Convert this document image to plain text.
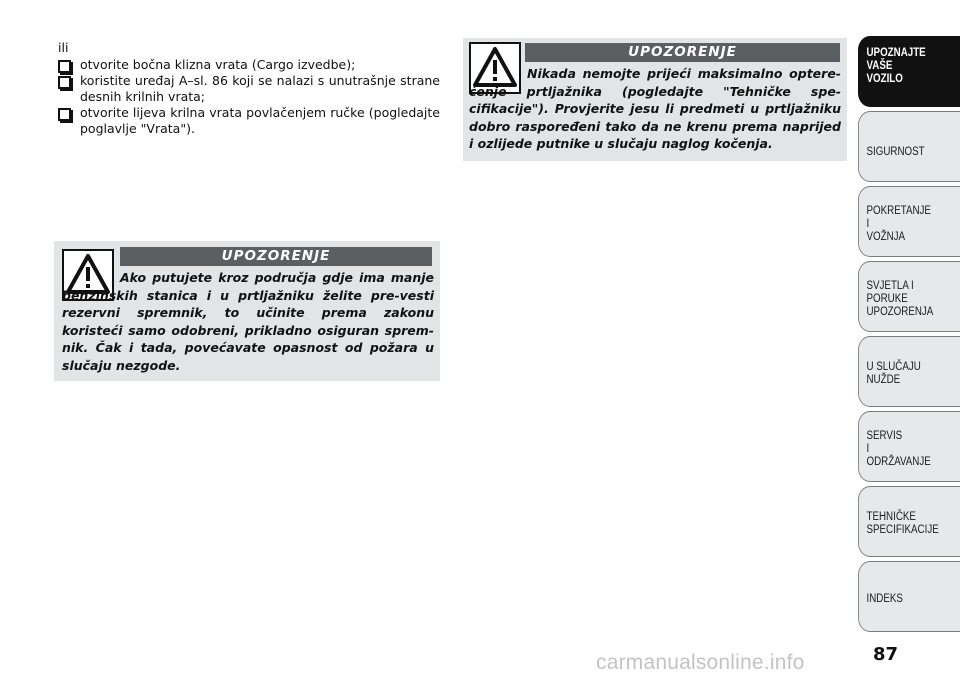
ili

otvorite bočna klizna vrata (Cargo izvedbe);
koristite uređaj A–sl. 86 koji se nalazi s unutrašnje strane desnih krilnih vrata;
otvorite lijeva krilna vrata povlačenjem ručke (pogledajte poglavlje "Vrata").
UPOZORENJE

Ako putujete kroz područja gdje ima manje benzinskih stanica i u prtljažniku želite pre-vesti rezervni spremnik, to učinite prema zakonu koristeći samo odobreni, prikladno osiguran sprem-nik. Čak i tada, povećavate opasnost od požara u slučaju nezgode.

UPOZORENJE

Nikada nemojte prijeći maksimalno optere-ćenje prtljažnika (pogledajte "Tehničke spe-cifikacije"). Provjerite jesu li predmeti u prtljažniku dobro raspoređeni tako da ne krenu prema naprijed i ozlijede putnike u slučaju naglog kočenja.

UPOZNAJTE
VAŠE
VOZILO
SIGURNOST
POKRETANJE
I
VOŽNJA
SVJETLA I
PORUKE
UPOZORENJA
U SLUČAJU
NUŽDE
SERVIS
I
ODRŽAVANJE
TEHNIČKE
SPECIFIKACIJE
INDEKS
87
carmanualsonline.info
